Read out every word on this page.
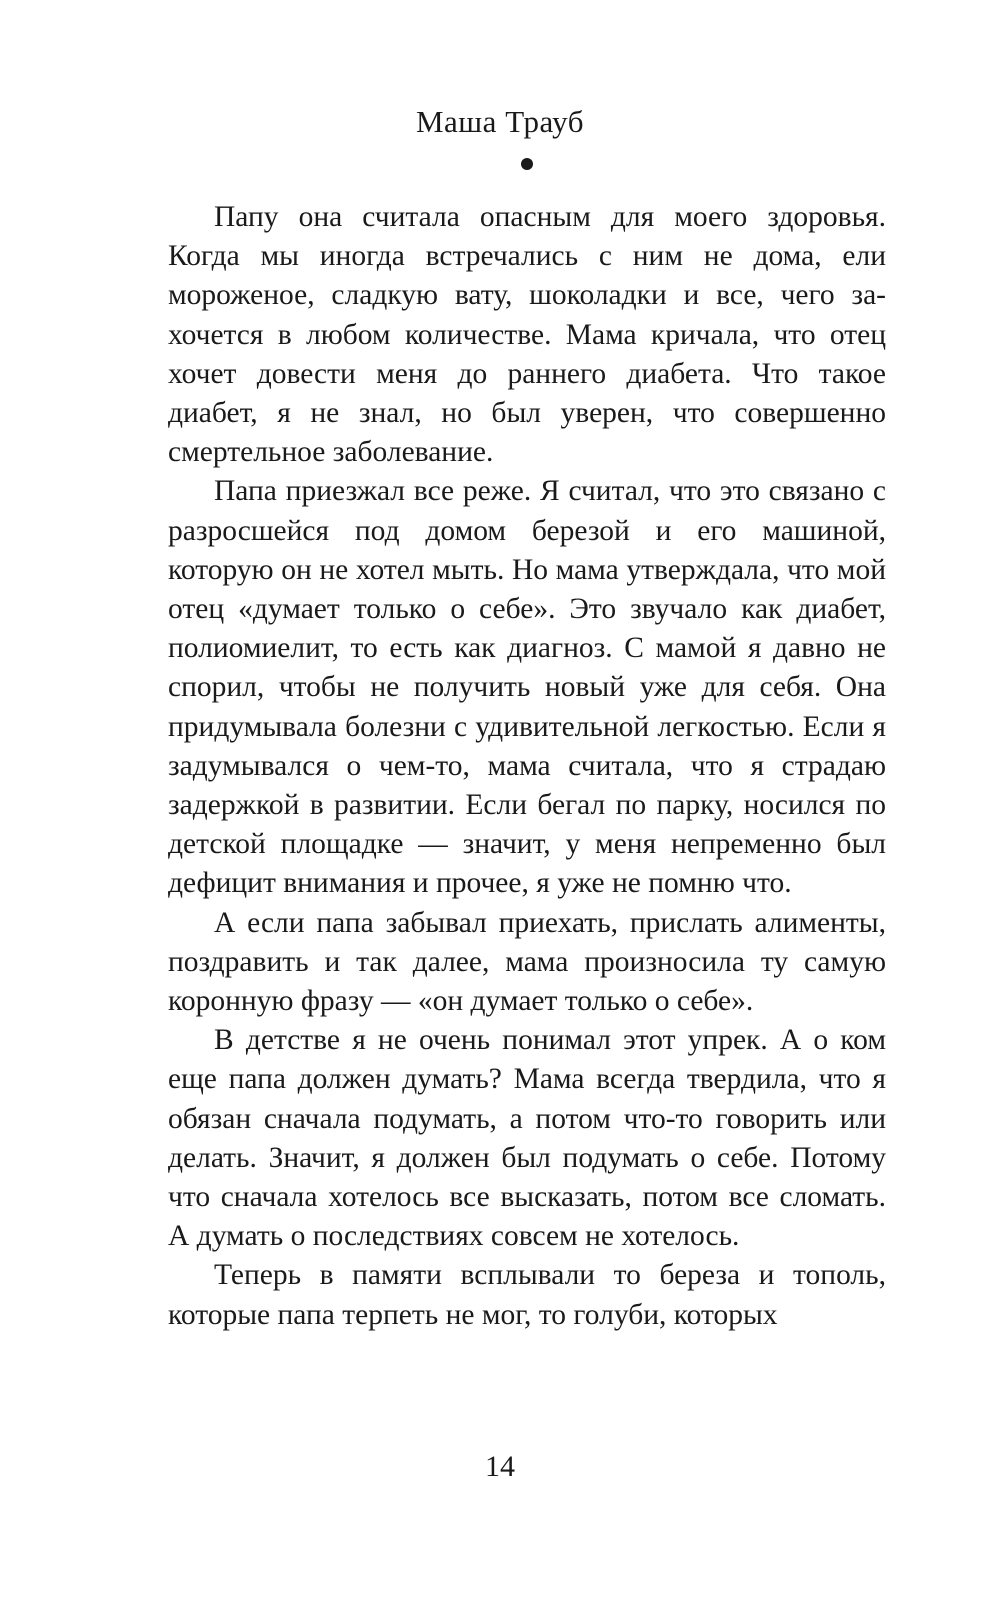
Маша Трауб

Папу она считала опасным для моего здоровья. Когда мы иногда встречались с ним не дома, ели мороженое, сладкую вату, шоколадки и все, чего захочется в любом количестве. Мама кричала, что отец хочет довести меня до раннего диабета. Что такое диабет, я не знал, но был уверен, что совершенно смертельное заболевание.

Папа приезжал все реже. Я считал, что это связано с разросшейся под домом березой и его машиной, которую он не хотел мыть. Но мама утверждала, что мой отец «думает только о себе». Это звучало как диабет, полиомиелит, то есть как диагноз. С мамой я давно не спорил, чтобы не получить новый уже для себя. Она придумывала болезни с удивительной легкостью. Если я задумывался о чем-то, мама считала, что я страдаю задержкой в развитии. Если бегал по парку, носился по детской площадке — значит, у меня непременно был дефицит внимания и прочее, я уже не помню что.

А если папа забывал приехать, прислать алименты, поздравить и так далее, мама произносила ту самую коронную фразу — «он думает только о себе».

В детстве я не очень понимал этот упрек. А о ком еще папа должен думать? Мама всегда твердила, что я обязан сначала подумать, а потом что-то говорить или делать. Значит, я должен был подумать о себе. Потому что сначала хотелось все высказать, потом все сломать. А думать о последствиях совсем не хотелось.

Теперь в памяти всплывали то береза и тополь, которые папа терпеть не мог, то голуби, которых

14
